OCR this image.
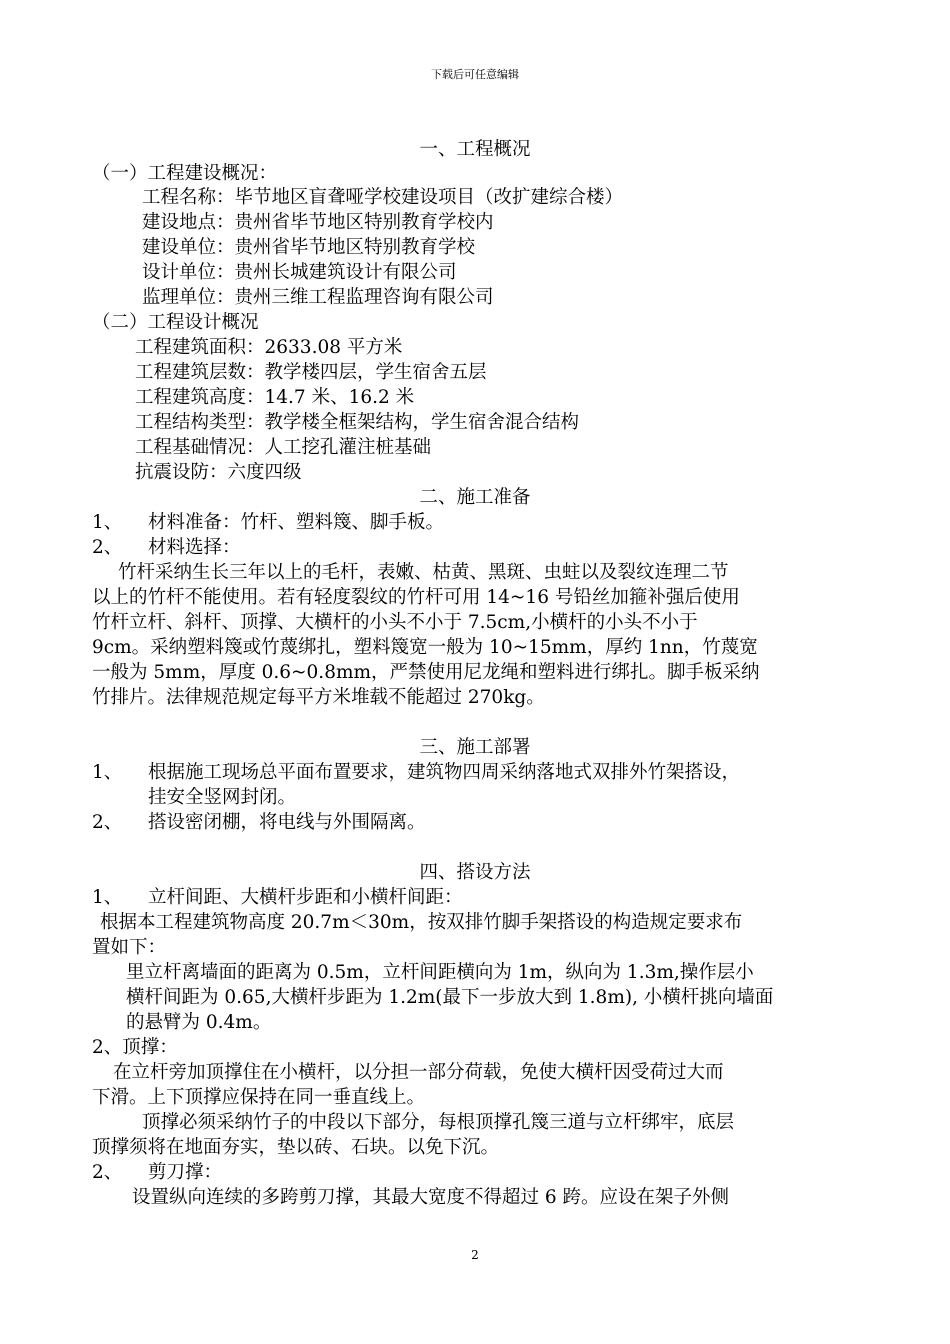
下载后可任意编辑
一、工程概况
（一）工程建设概况：
工程名称：毕节地区盲聋哑学校建设项目（改扩建综合楼）
建设地点：贵州省毕节地区特别教育学校内
建设单位：贵州省毕节地区特别教育学校
设计单位：贵州长城建筑设计有限公司
监理单位：贵州三维工程监理咨询有限公司
（二）工程设计概况
工程建筑面积：2633.08 平方米
工程建筑层数：教学楼四层，学生宿舍五层
工程建筑高度：14.7 米、16.2 米
工程结构类型：教学楼全框架结构，学生宿舍混合结构
工程基础情况：人工挖孔灌注桩基础
抗震设防：六度四级
二、施工准备
1、 材料准备：竹杆、塑料篾、脚手板。
2、 材料选择：
竹杆采纳生长三年以上的毛杆，表嫩、枯黄、黑斑、虫蛀以及裂纹连理二节
以上的竹杆不能使用。若有轻度裂纹的竹杆可用 14~16 号铅丝加箍补强后使用
竹杆立杆、斜杆、顶撑、大横杆的小头不小于 7.5cm,小横杆的小头不小于
9cm。采纳塑料篾或竹蔑绑扎，塑料篾宽一般为 10~15mm，厚约 1nn，竹蔑宽
一般为 5mm，厚度 0.6~0.8mm，严禁使用尼龙绳和塑料进行绑扎。脚手板采纳
竹排片。法律规范规定每平方米堆载不能超过 270kg。
三、施工部署
1、 根据施工现场总平面布置要求，建筑物四周采纳落地式双排外竹架搭设，
挂安全竖网封闭。
2、 搭设密闭棚，将电线与外围隔离。
四、搭设方法
1、 立杆间距、大横杆步距和小横杆间距：
根据本工程建筑物高度 20.7m＜30m，按双排竹脚手架搭设的构造规定要求布
置如下：
里立杆离墙面的距离为 0.5m，立杆间距横向为 1m，纵向为 1.3m,操作层小
横杆间距为 0.65,大横杆步距为 1.2m(最下一步放大到 1.8m), 小横杆挑向墙面
的悬臂为 0.4m。
2、顶撑：
在立杆旁加顶撑住在小横杆，以分担一部分荷载，免使大横杆因受荷过大而
下滑。上下顶撑应保持在同一垂直线上。
顶撑必须采纳竹子的中段以下部分，每根顶撑孔篾三道与立杆绑牢，底层
顶撑须将在地面夯实，垫以砖、石块。以免下沉。
2、 剪刀撑：
设置纵向连续的多跨剪刀撑，其最大宽度不得超过 6 跨。应设在架子外侧
2
